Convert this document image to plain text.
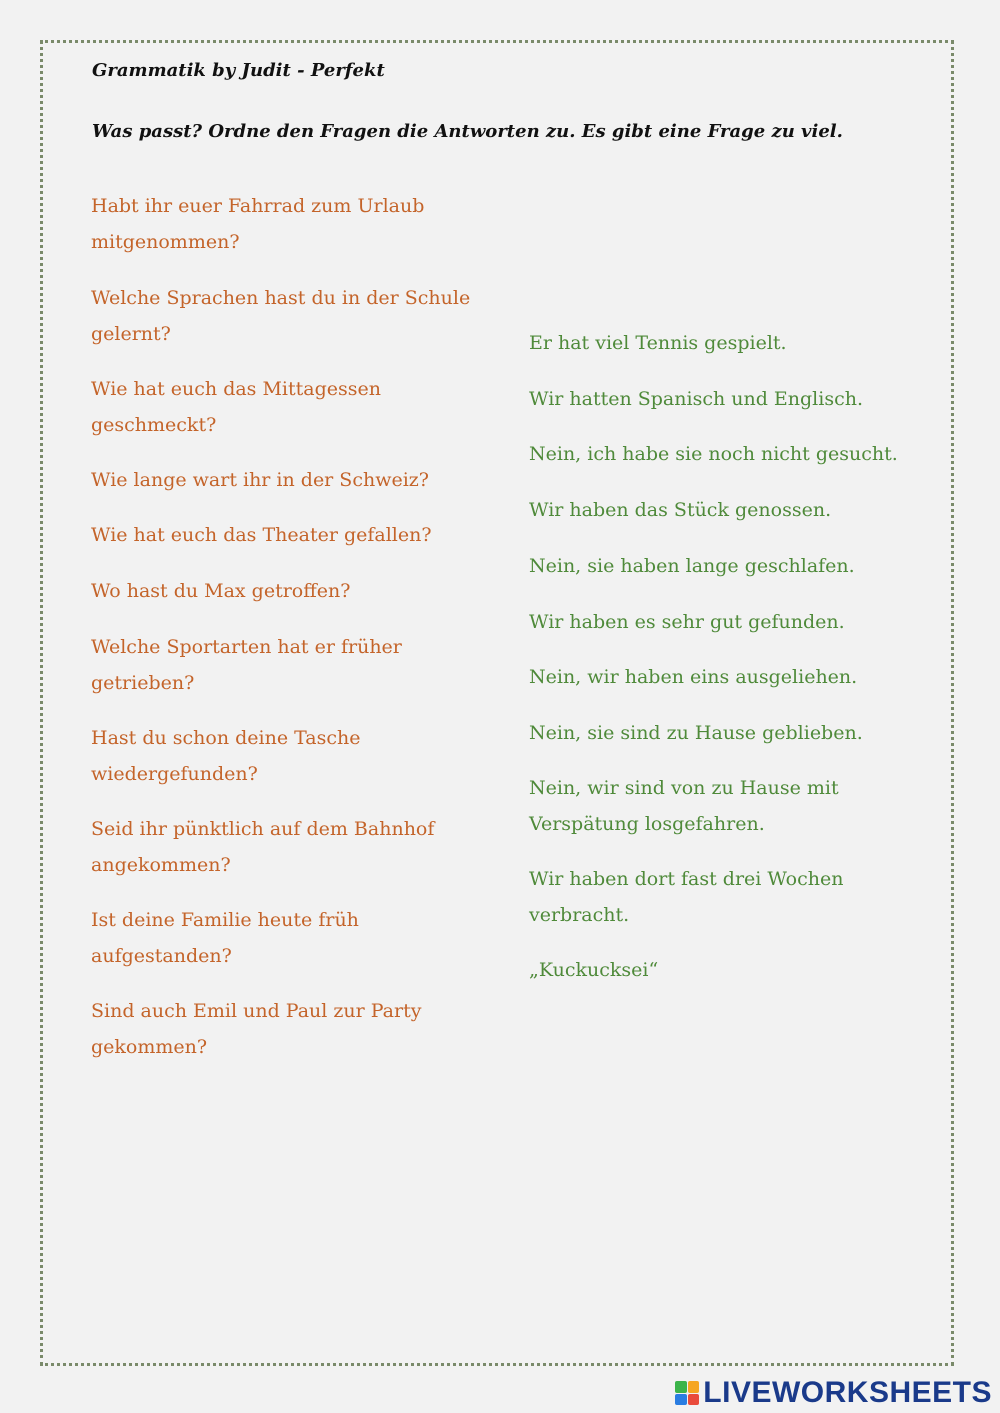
Grammatik by Judit - Perfekt

Was passt? Ordne den Fragen die Antworten zu. Es gibt eine Frage zu viel.

Habt ihr euer Fahrrad zum Urlaub mitgenommen?
Welche Sprachen hast du in der Schule gelernt?
Wie hat euch das Mittagessen geschmeckt?
Wie lange wart ihr in der Schweiz?
Wie hat euch das Theater gefallen?
Wo hast du Max getroffen?
Welche Sportarten hat er früher getrieben?
Hast du schon deine Tasche wiedergefunden?
Seid ihr pünktlich auf dem Bahnhof angekommen?
Ist deine Familie heute früh aufgestanden?
Sind auch Emil und Paul zur Party gekommen?
Er hat viel Tennis gespielt.
Wir hatten Spanisch und Englisch.
Nein, ich habe sie noch nicht gesucht.
Wir haben das Stück genossen.
Nein, sie haben lange geschlafen.
Wir haben es sehr gut gefunden.
Nein, wir haben eins ausgeliehen.
Nein, sie sind zu Hause geblieben.
Nein, wir sind von zu Hause mit Verspätung losgefahren.
Wir haben dort fast drei Wochen verbracht.
„Kuckucksei“
LIVEWORKSHEETS
